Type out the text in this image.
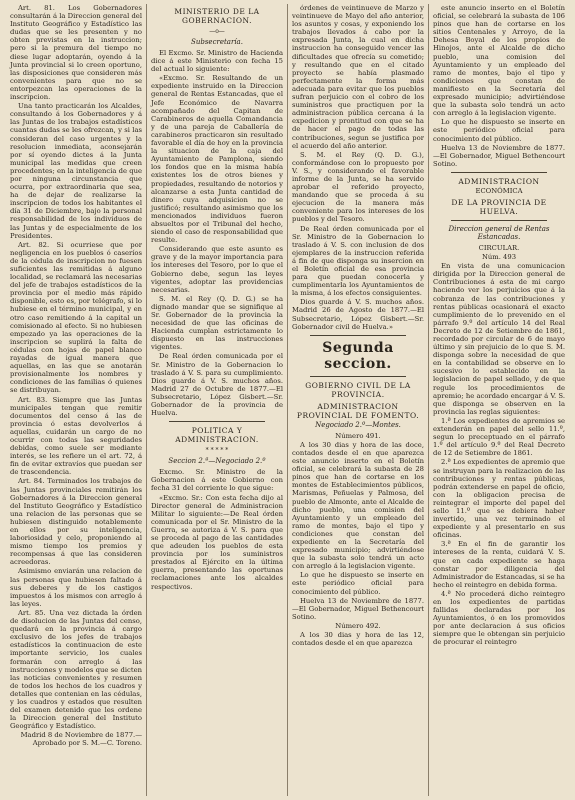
Art. 81. Los Gobernadores consultarán á la Direccion general del Instituto Geográfico y Estadístico las dudas que se les presenten y no obten previstas en la instruccion; pero si la premura del tiempo no diese lugar adoptarán, oyendo á la Junta provincial si lo creen oportuno, las disposiciones que consideren más convenientes para que no se entorpezcan las operaciones de la inscripcion.

Una tanto practicarán los Alcaldes, consultando á los Gobernadores y á las Juntas de los trabajos estadísticos cuantas dudas se les ofrezcan, y si las consideran del caso urgentes y la resolucion inmediata, aconsejarán por sí oyendo dictes á la Junta municipal las medidas que creen procedentes; en la inteligencia de que por ninguna circunstancia que ocurra, por extraordinaria que sea, ha de dejar de realizarse la inscripcion de todos los habitantes el día 31 de Diciembre, bajo la personal responsabilidad de los individuos de las Juntas y de especialmente de los Presidentes.

Art. 82. Si ocurriese que por negligencia en los pueblos ó caseríos de la cédula de inscripcion no fuesen suficientes las remitidas á alguno localidad, se reclamará las necesarias del jefe de trabajos estadísticos de la provincia por el medio más rápido disponible, esto es, por telégrafo, si lo hubiese en el término municipal, y en otro caso remitiendo á la capital un comisionado al efecto. Si no hubiesen empezado ya las operaciones de la inscripcion se suplirá la falta de cédulas con hojas de papel blanco rayadas de igual manera que aquellas, en las que se anotarán provisionalmente los nombres y condiciones de las familias ó quienes se distribuyan.

Art. 83. Siempre que las Juntas municipales tengan que remitir documentos del censo á las de provincia ó estas devolverlos á aquellas, cuidarán un cargo de no ocurrir con todas las seguridades debidas, como suele ser mediante interés, se les refiere un el art. 72, á fin de evitar extravíos que puedan ser de trascendencia.

Art. 84. Terminados los trabajos de las Juntas provinciales remitirán los Gobernadores á la Direccion general del Instituto Geográfico y Estadístico una relacion de las personas que se hubiesen distinguido notablemente en ellos por su inteligencia, laboriosidad y celo, proponiendo al mismo tiempo los premios y recompensas á que las consideren acreedoras.

Asimismo enviarán una relacion de las personas que hubiesen faltado á sus deberes y de los castigos impuestos á los mismos con arreglo á las leyes.

Art. 85. Una vez dictada la órden de disolucion de las Juntas del censo, quedará en la provincia á cargo exclusivo de los jefes de trabajos estadísticos la continuacion de este importante servicio, los cuales formarán con arreglo á las instrucciones y modelos que se dicten las noticias convenientes y resumen de todos los hechos de los cuadros y detalles que contenian en las cédulas, y los cuadros y estados que resulten del examen detenido que les ordene la Direccion general del Instituto Geográfico y Estadístico.

Madrid 8 de Noviembre de 1877.— Aprobado por S. M.—C. Toreno.

MINISTERIO DE LA GOBERNACION.
—o—
Subsecretaría.

El Excmo. Sr. Ministro de Hacienda dice á este Ministerio con fecha 15 del actual lo siguiente:

«Excmo. Sr. Resultando de un expediente instruido en la Direccion general de Rentas Estancadas, que el Jefe Económico de Navarra acompañado del Capitan de Carabineros de aquella Comandancia y de una pareja de Caballería de carabineros practicaron sin resultado favorable el día de hoy en la provincia la situacion de la caja del Ayuntamiento de Pamplona, siendo los fondos que en la misma había existentes los de otros bienes y propiedades, resultando de notorios y alcanzarse a esta Junta cantidad de dinero cuya adquisicion no se justificó; resultando asimismo que los mencionados individuos fueron absueltos por el Tribunal del hecho, siendo el caso de responsabilidad que resulte.

Considerando que este asunto es grave y de la mayor importancia para los intereses del Tesoro, por lo que el Gobierno debe, segun las leyes vigentes, adoptar las providencias necesarias.

S. M. el Rey (Q. D. G.) se ha dignado mandar que se signifique al Sr. Gobernador de la provincia la necesidad de que las oficinas de Hacienda cumplan estrictamente lo dispuesto en las instrucciones vigentes.

De Real órden comunicada por el Sr. Ministro de la Gobernacion lo traslado á V. S. para su cumplimiento. Dios guarde á V. S. muchos años. Madrid 27 de Octubre de 1877.—El Subsecretario, López Gisbert.—Sr. Gobernador de la provincia de Huelva.

POLITICA Y ADMINISTRACION.
* * * * *
Seccion 2.ª—Negociado 2.º

Excmo. Sr. Ministro de la Gobernacion á este Gobierno con fecha 31 del corriente lo que sigue:

«Excmo. Sr.: Con esta fecha dijo al Director general de Administracion Militar lo siguiente:—De Real órden comunicada por el Sr. Ministro de la Guerra, se autoriza á V. S. para que se proceda al pago de las cantidades que adeuden los pueblos de esta provincia por los suministros prestados al Ejército en la última guerra, presentando las oportunas reclamaciones ante los alcaldes respectivos.

órdenes de veintinueve de Marzo y veintinueve de Mayo del año anterior, los asuntos y cosas, y exponiendo los trabajos llevados á cabo por la expresada Junta, la cual en dicha instruccion ha conseguido vencer las dificultades que ofrecía su cometido; y resultando que en el citado proyecto se había plasmado perfectamente la forma más adecuada para evitar que los pueblos sufran perjuicio con el cobro de los suministros que practiquen por la administracion pública cercana á la expedicion y prontitud con que se ha de hacer el pago de todas las contribuciones, segun se justifica por el acuerdo del año anterior.

S. M. el Rey (Q. D. G.), conformándose con lo propuesto por V. S., y considerando el favorable informe de la Junta, se ha servido aprobar el referido proyecto, mandando que se proceda á su ejecucion de la manera más conveniente para los intereses de los pueblos y del Tesoro.

De Real órden comunicada por el Sr. Ministro de la Gobernacion lo traslado á V. S. con inclusion de dos ejemplares de la instruccion referida á fin de que disponga su insercion en el Boletín oficial de esa provincia para que puedan conocerla y cumplimentarla los Ayuntamientos de la misma, á los efectos consiguientes.

Dios guarde á V. S. muchos años. Madrid 26 de Agosto de 1877.—El Subsecretario, López Gisbert.—Sr. Gobernador civil de Huelva.»

Segunda seccion.
GOBIERNO CIVIL DE LA PROVINCIA.
ADMINISTRACION PROVINCIAL DE FOMENTO.
Negociado 2.º—Montes.
Número 491.

A los 30 dias y hora de las doce, contados desde el en que aparezca este anuncio inserto en el Boletín oficial, se celebrará la subasta de 28 pinos que han de cortarse en los montes de Establecimientos públicos, Marismas, Peñuelas y Palmosa, del pueblo de Almonte, ante el Alcalde de dicho pueblo, una comision del Ayuntamiento y un empleado del ramo de montes, bajo el tipo y condiciones que constan del expediente en la Secretaría del expresado municipio; advirtiéndose que la subasta solo tendrá un acto con arreglo á la legislacion vigente.

Lo que he dispuesto se inserte en este periódico oficial para conocimiento del público.

Huelva 13 de Noviembre de 1877.—El Gobernador, Miguel Bethencourt Sotino.

Número 492.

A los 30 dias y hora de las 12, contados desde el en que aparezca

este anuncio inserto en el Boletín oficial, se celebrará la subasta de 106 pinos que han de cortarse en los sitios Centenales y Arroyo, de la Dehesa Boyal de los propios de Hinojos, ante el Alcalde de dicho pueblo, una comision del Ayuntamiento y un empleado del ramo de montes, bajo el tipo y condiciones que constan de manifiesto en la Secretaría del expresado municipio; advirtiéndose que la subasta solo tendrá un acto con arreglo á la legislacion vigente.

Lo que he dispuesto se inserte en este periódico oficial para conocimiento del público.

Huelva 13 de Noviembre de 1877. —El Gobernador, Miguel Bethencourt Sotino.

ADMINISTRACION
ECONÓMICA
DE LA PROVINCIA DE HUELVA.
Direccion general de Rentas Estancadas.
CIRCULAR.
Núm. 493

En vista de una comunicacion dirigida por la Direccion general de Contribuciones á esta de mi cargo haciendo ver los perjuicios que á la cobranza de las contribuciones y rentas públicas ocasionará el exacto cumplimiento de lo prevenido en el párrafo 9.º del artículo 14 del Real Decreto de 12 de Setiembre de 1861, recordado por circular de 6 de mayo último y sin prejuicio de lo que S. M. disponga sobre la necesidad de que en la contabilidad se observe en lo sucesivo lo establecido en la legislacion de papel sellado, y de que regule los procedimientos de apremio; he acordado encargar á V. S. que disponga se observen en la provincia las reglas siguientes:

1.ª Los expedientes de apremios se extenderán en papel del sello 11.º, segun lo preceptuado en el párrafo 1.º del artículo 9.º del Real Decreto de 12 de Setiembre de 1861.

2.ª Los expedientes de apremio que se instruyan para la realizacion de las contribuciones y rentas públicas, podrán extenderse en papel de oficio, con la obligacion precisa de reintegrar el importe del papel del sello 11.º que se debiera haber invertido, una vez terminado el expediente y al presentarlo en sus oficinas.

3.ª En el fin de garantir los intereses de la renta, cuidará V. S. que en cada expediente se haga constar por diligencia del Administrador de Estancadas, si se ha hecho el reintegro en debida forma.

4.ª No procederá dicho reintegro en los expedientes de partidas fallidas declaradas por los Ayuntamientos, ó en los promovidos por ante declaracion á sus oficios siempre que le obtengan sin perjuicio de procurar el reintegro
